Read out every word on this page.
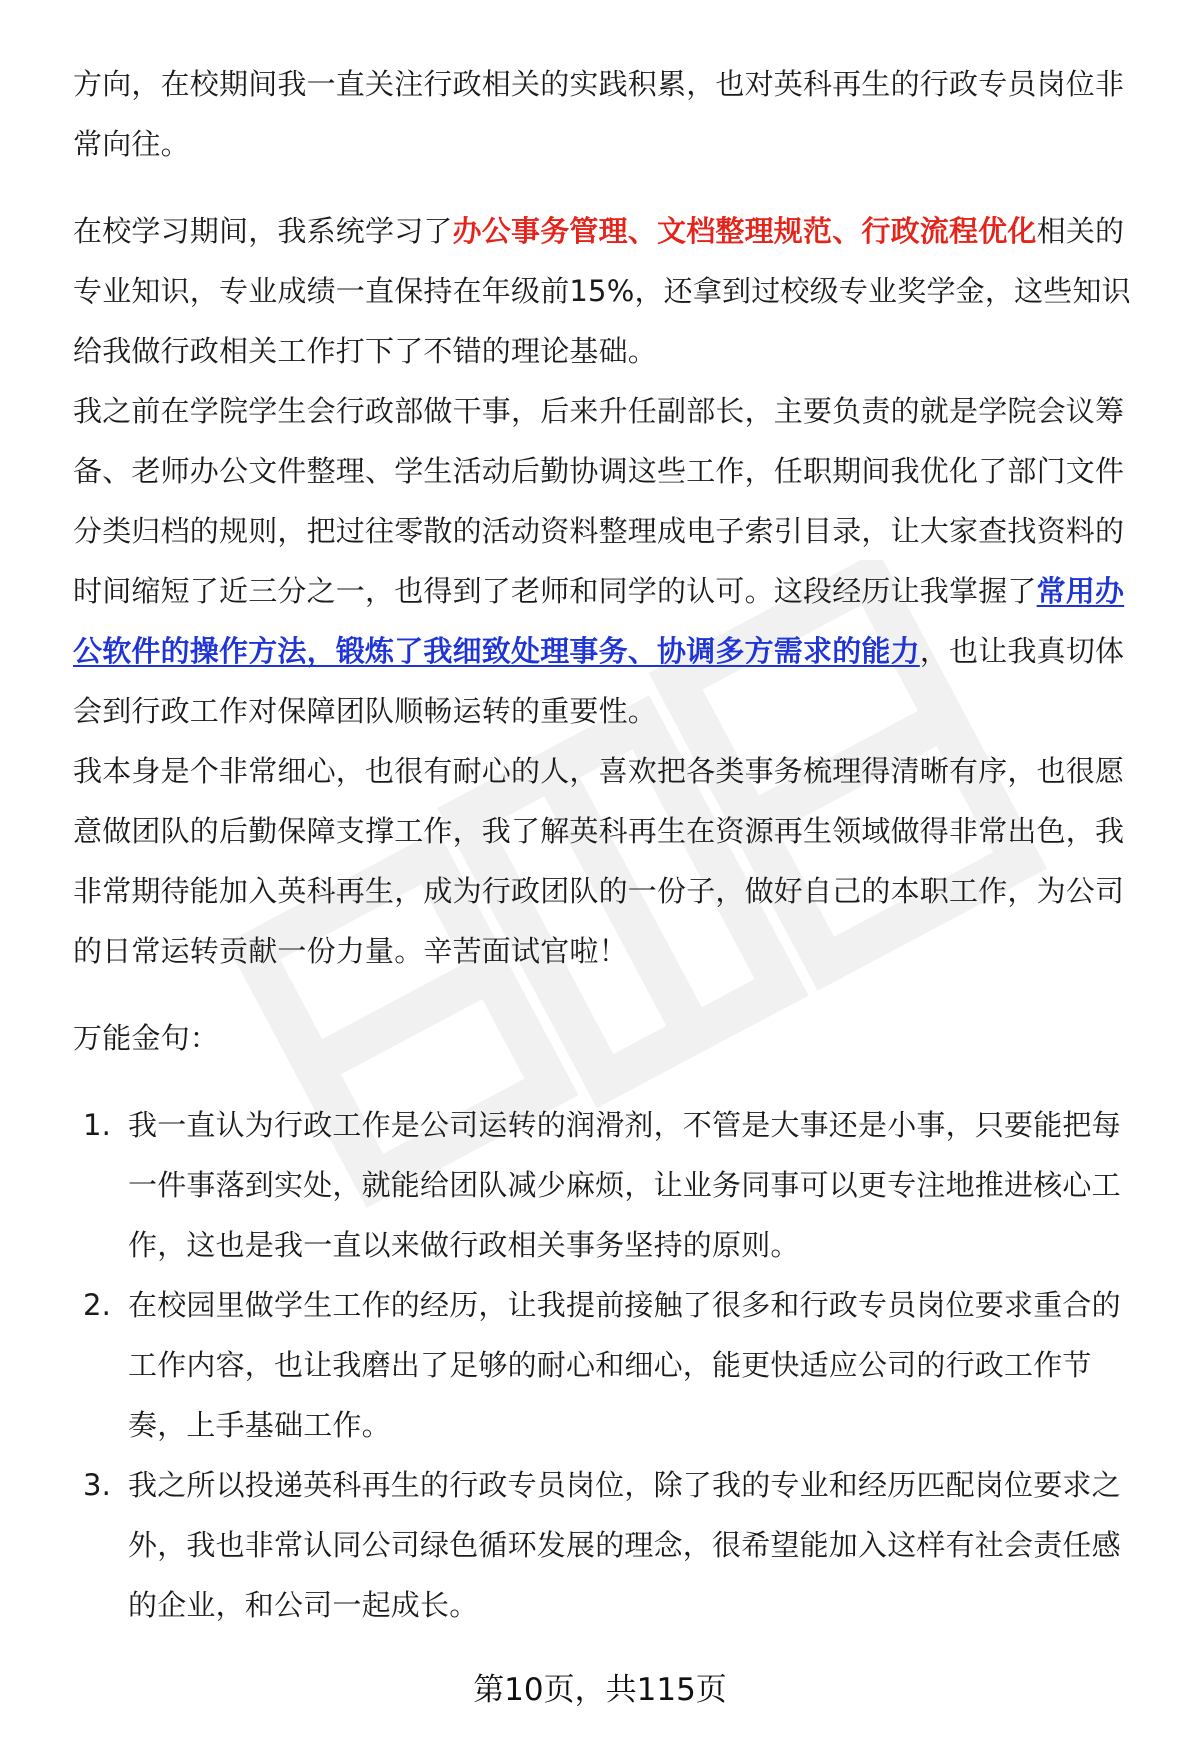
方向，在校期间我一直关注行政相关的实践积累，也对英科再生的行政专员岗位非常向往。

在校学习期间，我系统学习了办公事务管理、文档整理规范、行政流程优化相关的专业知识，专业成绩一直保持在年级前15%，还拿到过校级专业奖学金，这些知识给我做行政相关工作打下了不错的理论基础。

我之前在学院学生会行政部做干事，后来升任副部长，主要负责的就是学院会议筹备、老师办公文件整理、学生活动后勤协调这些工作，任职期间我优化了部门文件分类归档的规则，把过往零散的活动资料整理成电子索引目录，让大家查找资料的时间缩短了近三分之一，也得到了老师和同学的认可。这段经历让我掌握了常用办公软件的操作方法，锻炼了我细致处理事务、协调多方需求的能力，也让我真切体会到行政工作对保障团队顺畅运转的重要性。

我本身是个非常细心，也很有耐心的人，喜欢把各类事务梳理得清晰有序，也很愿意做团队的后勤保障支撑工作，我了解英科再生在资源再生领域做得非常出色，我非常期待能加入英科再生，成为行政团队的一份子，做好自己的本职工作，为公司的日常运转贡献一份力量。辛苦面试官啦！

万能金句：

1. 我一直认为行政工作是公司运转的润滑剂，不管是大事还是小事，只要能把每一件事落到实处，就能给团队减少麻烦，让业务同事可以更专注地推进核心工作，这也是我一直以来做行政相关事务坚持的原则。
2. 在校园里做学生工作的经历，让我提前接触了很多和行政专员岗位要求重合的工作内容，也让我磨出了足够的耐心和细心，能更快适应公司的行政工作节奏，上手基础工作。
3. 我之所以投递英科再生的行政专员岗位，除了我的专业和经历匹配岗位要求之外，我也非常认同公司绿色循环发展的理念，很希望能加入这样有社会责任感的企业，和公司一起成长。
第10页，共115页
